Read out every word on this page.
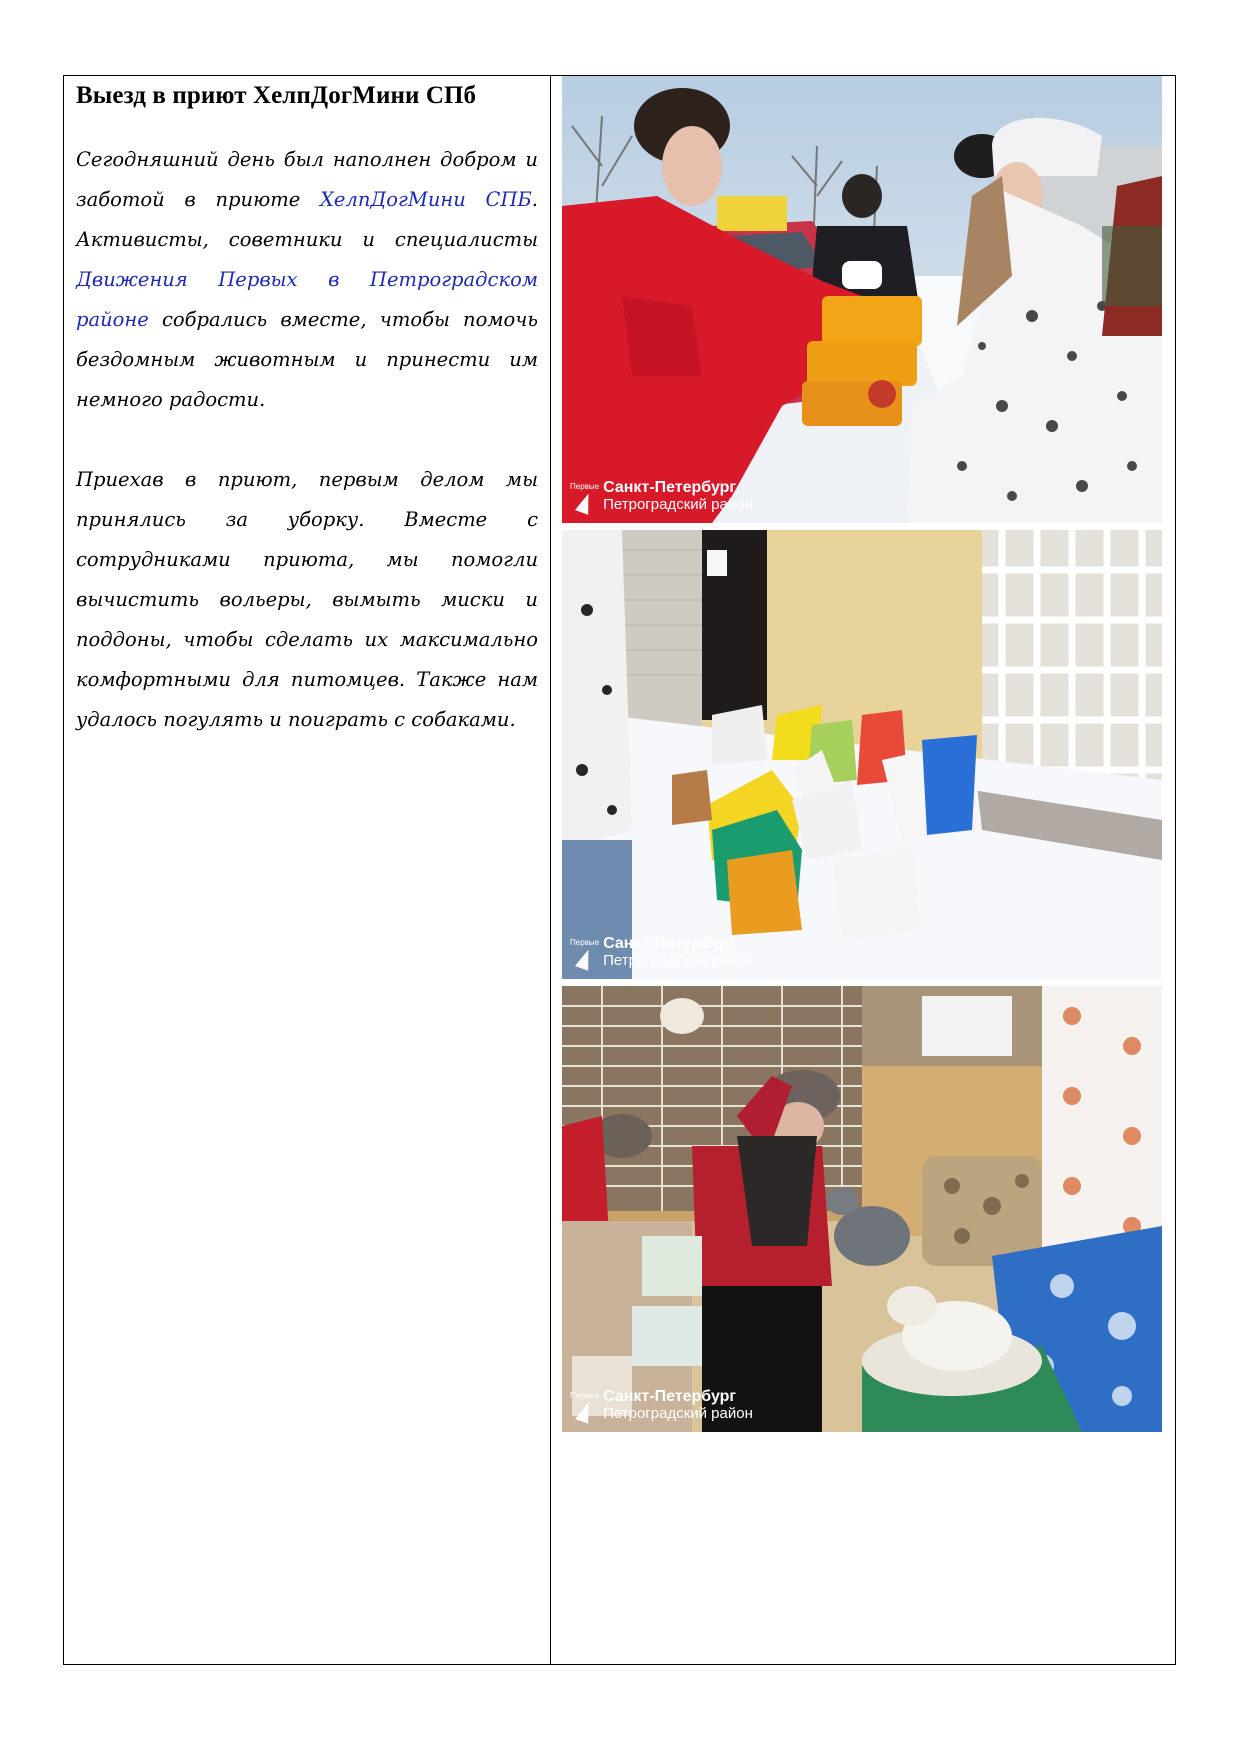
Выезд в приют ХелпДогМини СПб

Сегодняшний день был наполнен добром и заботой в приюте ХелпДогМини СПБ. Активисты, советники и специалисты Движения Первых в Петроградском районе собрались вместе, чтобы помочь бездомным животным и принести им немного радости.

Приехав в приют, первым делом мы принялись за уборку. Вместе с сотрудниками приюта, мы помогли вычистить вольеры, вымыть миски и поддоны, чтобы сделать их максимально комфортными для питомцев. Также нам удалось погулять и поиграть с собаками.

Первые Санкт-Петербург
Петроградский район
Первые Санкт-Петербург
Петроградский район
Первые Санкт-Петербург
Петроградский район
